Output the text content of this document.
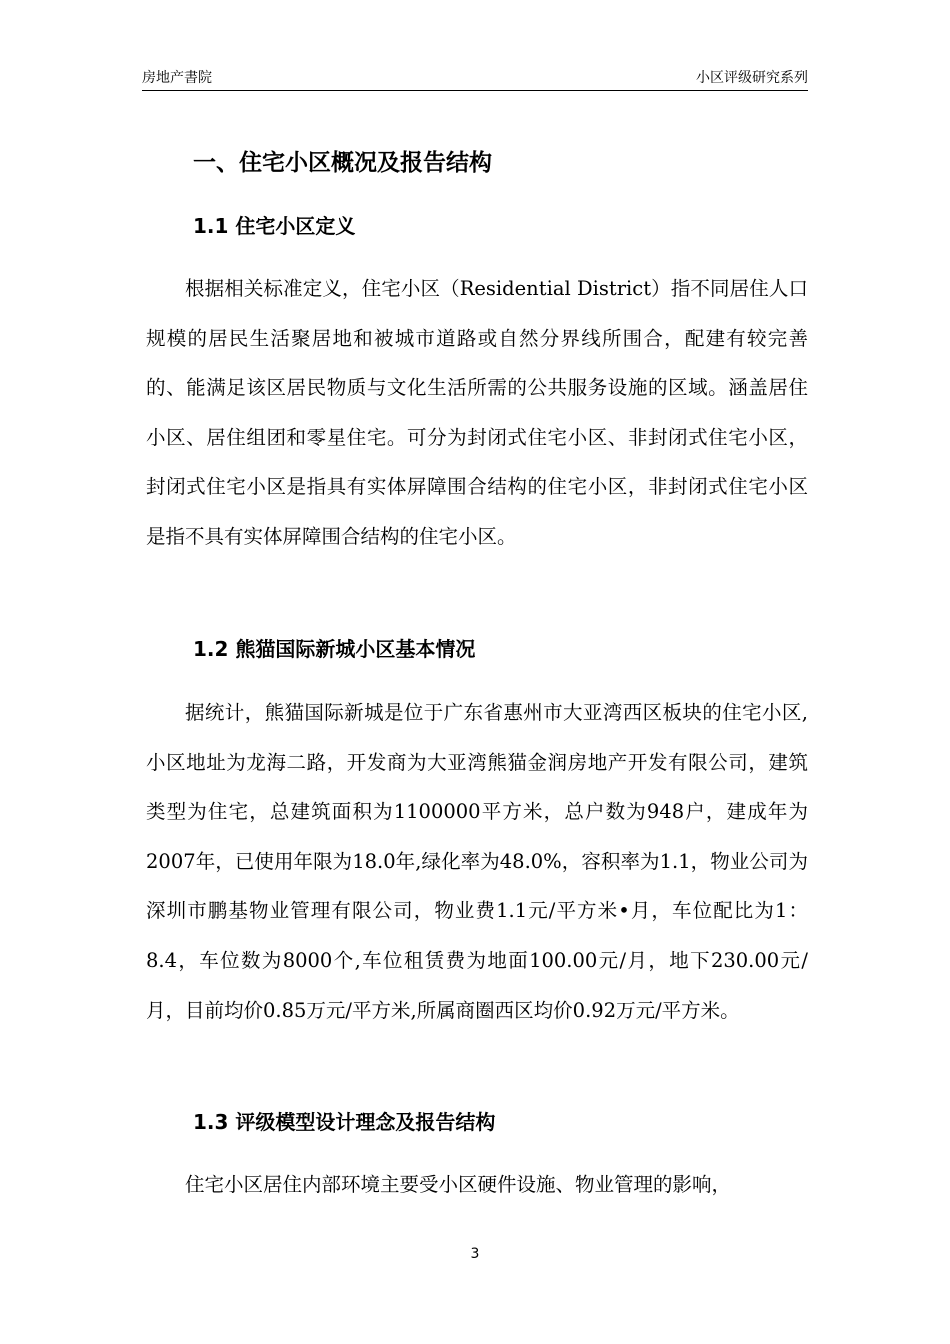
房地产書院	小区评级研究系列
一、住宅小区概况及报告结构
1.1 住宅小区定义
根据相关标准定义，住宅小区（Residential District）指不同居住人口规模的居民生活聚居地和被城市道路或自然分界线所围合，配建有较完善的、能满足该区居民物质与文化生活所需的公共服务设施的区域。涵盖居住小区、居住组团和零星住宅。可分为封闭式住宅小区、非封闭式住宅小区，封闭式住宅小区是指具有实体屏障围合结构的住宅小区，非封闭式住宅小区是指不具有实体屏障围合结构的住宅小区。
1.2 熊猫国际新城小区基本情况
据统计，熊猫国际新城是位于广东省惠州市大亚湾西区板块的住宅小区,小区地址为龙海二路，开发商为大亚湾熊猫金润房地产开发有限公司，建筑类型为住宅，总建筑面积为1100000平方米，总户数为948户，建成年为2007年，已使用年限为18.0年,绿化率为48.0%，容积率为1.1，物业公司为深圳市鹏基物业管理有限公司，物业费1.1元/平方米•月，车位配比为1：8.4，车位数为8000个,车位租赁费为地面100.00元/月，地下230.00元/月，目前均价0.85万元/平方米,所属商圈西区均价0.92万元/平方米。
1.3 评级模型设计理念及报告结构
住宅小区居住内部环境主要受小区硬件设施、物业管理的影响，
3
